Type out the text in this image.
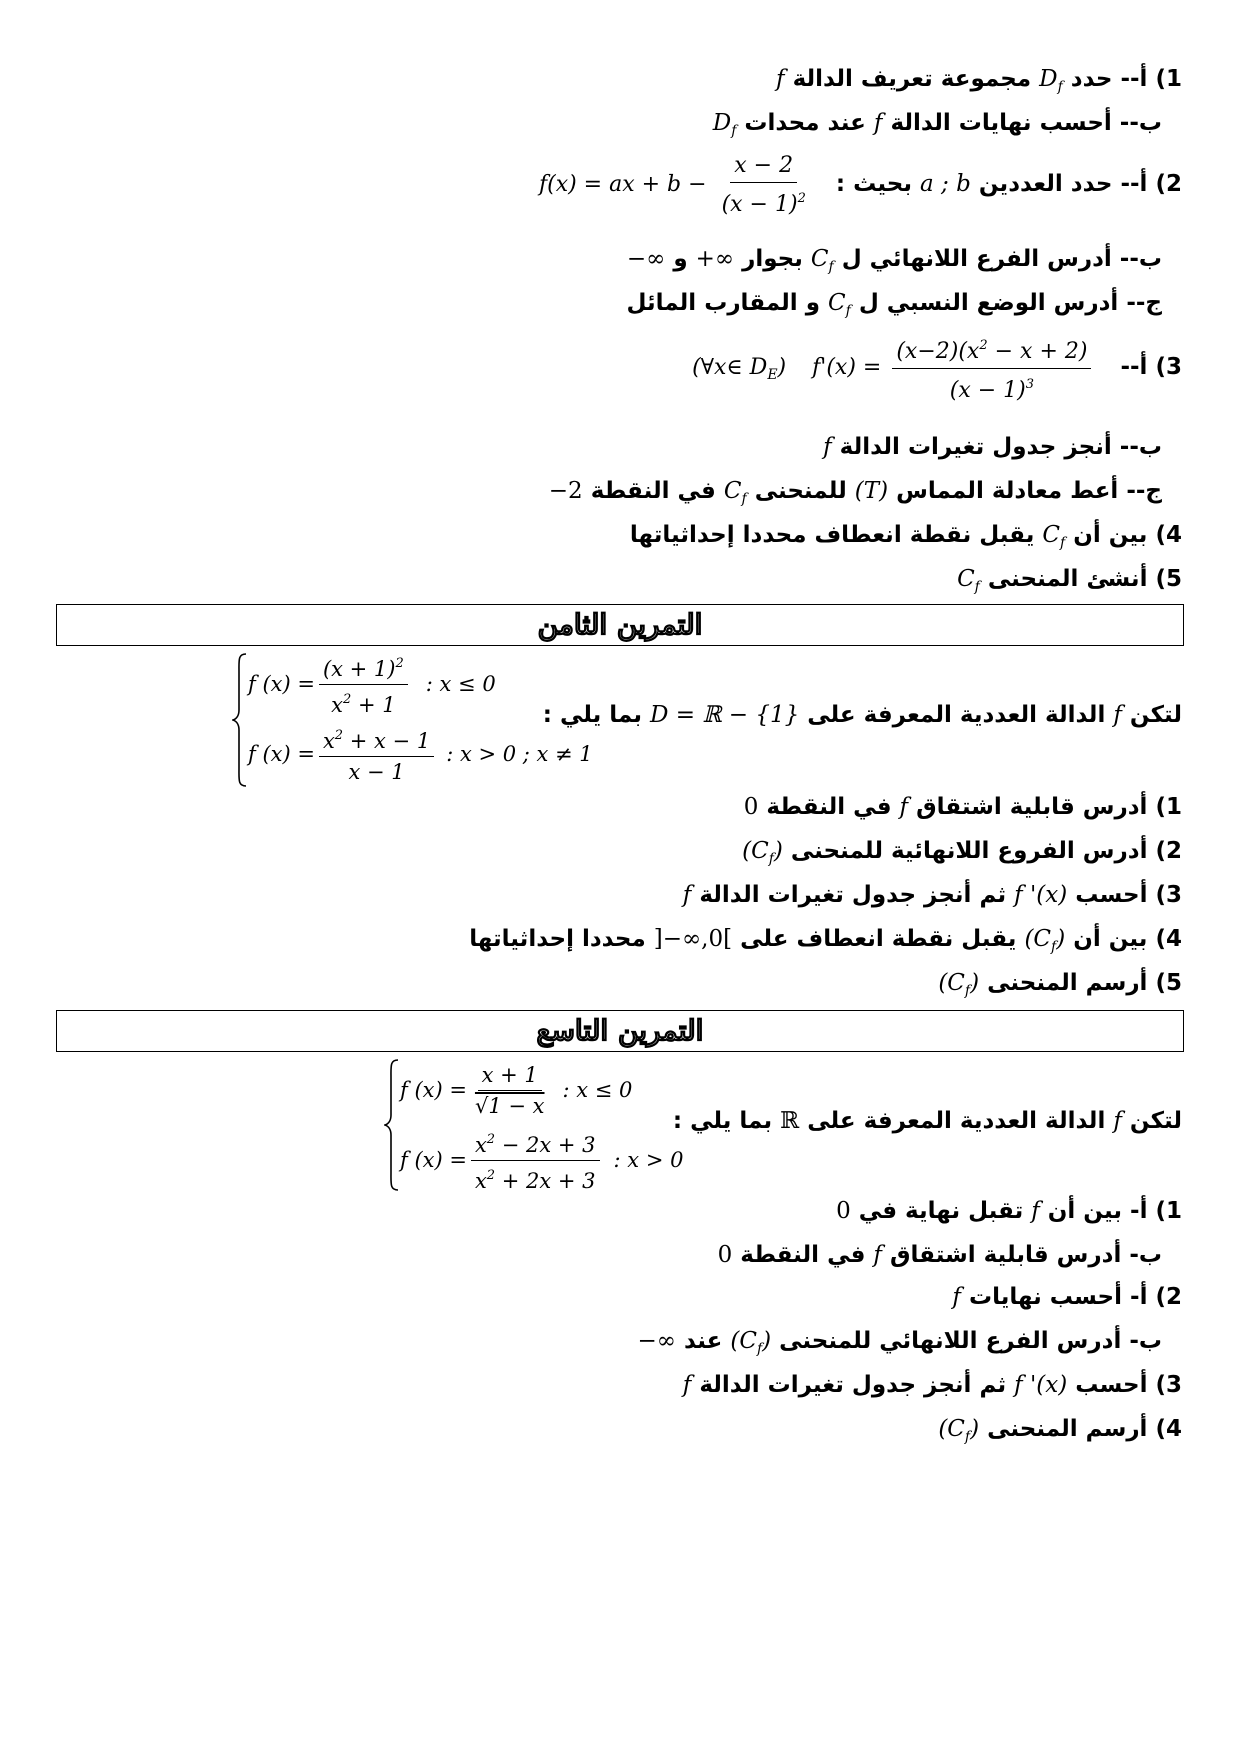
1) أ-- حدد $D_f$ مجموعة تعريف الدالة f
ب-- أحسب نهايات الدالة f عند محدات $D_f$
2) أ-- حدد العددين a ; b بحيث : f(x) = ax + $b - \frac{x - 2}{(x - 1)^2}$
ب-- أدرس الفرع اللانهائي ل $C_f$ بجوار +∞ و −∞
ج-- أدرس الوضع النسبي ل $C_f$ و المقارب المائل
3) أ-- $f'(x) = \frac{(x-2)(x^2 - x + 2)}{(x - 1)^3}$
(∀x∈ $D_E$)
ب-- أنجز جدول تغيرات الدالة f
ج-- أعط معادلة المماس (T) للمنحنى $C_f$ في النقطة −2
4) بين أن $C_f$ يقبل نقطة انعطاف محددا إحداثياتها
5) أنشئ المنحنى $C_f$
التمرين الثامن
f $(x) = \frac{(x + 1)^2}{x^2 + 1}$ : x ≤ 0
f $(x) = \frac{x^2 + x - 1}{x - 1}$ : x > 0 ; x ≠ 1
لتكن f الدالة العددية المعرفة على D = ℝ − {1} بما يلي :
1) أدرس قابلية اشتقاق f في النقطة 0
2) أدرس الفروع اللانهائية للمنحنى $(C_f)$
3) أحسب f '(x) ثم أنجز جدول تغيرات الدالة f
4) بين أن $(C_f)$ يقبل نقطة انعطاف على ]−∞,0[ محددا إحداثياتها
5) أرسم المنحنى $(C_f)$
التمرين التاسع
f $(x) = \frac{x + 1}{√1 - x}$ : x ≤ 0
f $(x) = \frac{x^2 - 2x + 3}{x^2 + 2x + 3}$ : x > 0
لتكن f الدالة العددية المعرفة على ℝ بما يلي :
1) أ- بين أن f تقبل نهاية في 0
ب- أدرس قابلية اشتقاق f في النقطة 0
2) أ- أحسب نهايات f
ب- أدرس الفرع اللانهائي للمنحنى $(C_f)$ عند −∞
3) أحسب f '(x) ثم أنجز جدول تغيرات الدالة f
4) أرسم المنحنى $(C_f)$
